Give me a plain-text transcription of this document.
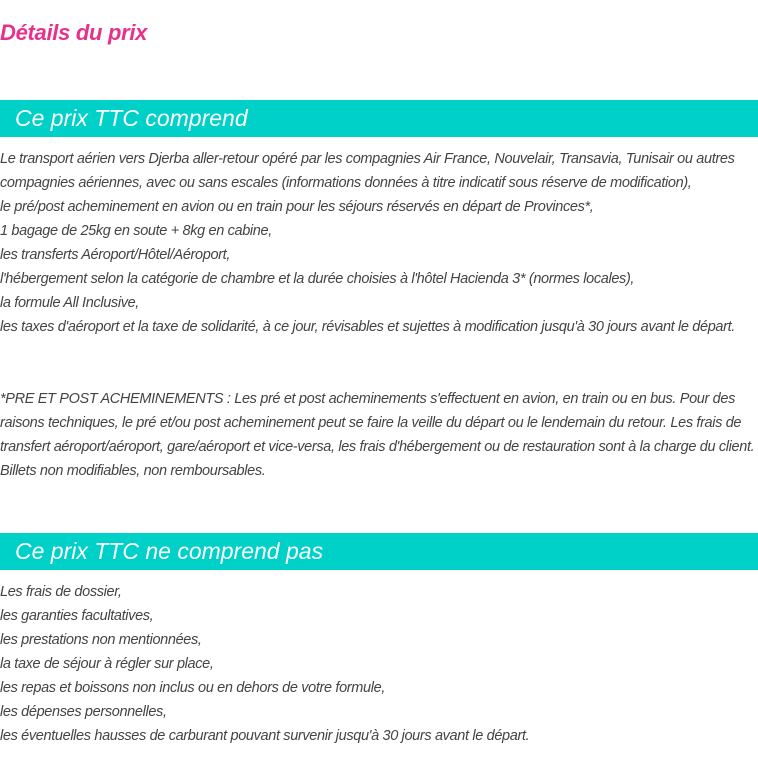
Détails du prix
Ce prix TTC comprend
Le transport aérien vers Djerba aller-retour opéré par les compagnies Air France, Nouvelair, Transavia, Tunisair ou autres compagnies aériennes, avec ou sans escales (informations données à titre indicatif sous réserve de modification),
le pré/post acheminement en avion ou en train pour les séjours réservés en départ de Provinces*,
1 bagage de 25kg en soute + 8kg en cabine,
les transferts Aéroport/Hôtel/Aéroport,
l'hébergement selon la catégorie de chambre et la durée choisies à l'hôtel Hacienda 3* (normes locales),
la formule All Inclusive,
les taxes d'aéroport et la taxe de solidarité, à ce jour, révisables et sujettes à modification jusqu'à 30 jours avant le départ.
*PRE ET POST ACHEMINEMENTS : Les pré et post acheminements s'effectuent en avion, en train ou en bus. Pour des raisons techniques, le pré et/ou post acheminement peut se faire la veille du départ ou le lendemain du retour. Les frais de transfert aéroport/aéroport, gare/aéroport et vice-versa, les frais d'hébergement ou de restauration sont à la charge du client. Billets non modifiables, non remboursables.
Ce prix TTC ne comprend pas
Les frais de dossier,
les garanties facultatives,
les prestations non mentionnées,
la taxe de séjour à régler sur place,
les repas et boissons non inclus ou en dehors de votre formule,
les dépenses personnelles,
les éventuelles hausses de carburant pouvant survenir jusqu'à 30 jours avant le départ.
